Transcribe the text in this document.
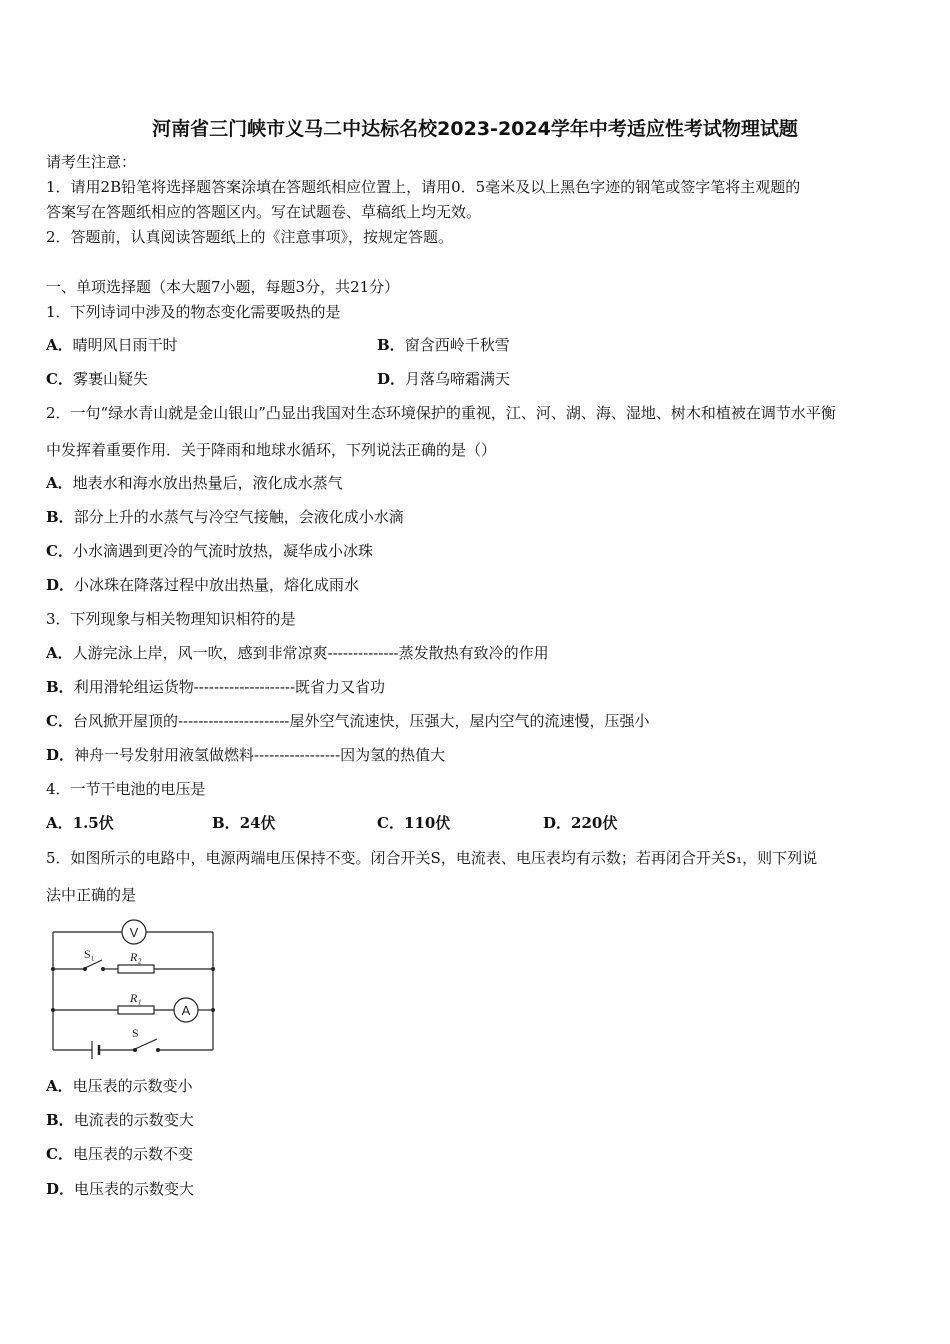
河南省三门峡市义马二中达标名校2023-2024学年中考适应性考试物理试题
请考生注意：
1．请用2B铅笔将选择题答案涂填在答题纸相应位置上，请用0．5毫米及以上黑色字迹的钢笔或签字笔将主观题的
答案写在答题纸相应的答题区内。写在试题卷、草稿纸上均无效。
2．答题前，认真阅读答题纸上的《注意事项》，按规定答题。
一、单项选择题（本大题7小题，每题3分，共21分）
1．下列诗词中涉及的物态变化需要吸热的是
A．晴明风日雨干时	B．窗含西岭千秋雪
C．雾裹山疑失	D．月落乌啼霜满天
2．一句“绿水青山就是金山银山”凸显出我国对生态环境保护的重视，江、河、湖、海、湿地、树木和植被在调节水平衡
中发挥着重要作用．关于降雨和地球水循环，下列说法正确的是（）
A．地表水和海水放出热量后，液化成水蒸气
B．部分上升的水蒸气与冷空气接触，会液化成小水滴
C．小水滴遇到更冷的气流时放热，凝华成小冰珠
D．小冰珠在降落过程中放出热量，熔化成雨水
3．下列现象与相关物理知识相符的是
A．人游完泳上岸，风一吹，感到非常凉爽--------------蒸发散热有致冷的作用
B．利用滑轮组运货物--------------------既省力又省功
C．台风掀开屋顶的----------------------屋外空气流速快，压强大，屋内空气的流速慢，压强小
D．神舟一号发射用液氢做燃料-----------------因为氢的热值大
4．一节干电池的电压是
A．1.5伏	B．24伏	C．110伏	D．220伏
5．如图所示的电路中，电源两端电压保持不变。闭合开关S，电流表、电压表均有示数；若再闭合开关S₁，则下列说
法中正确的是
V
A
S₁	R₂
R₁
S
A．电压表的示数变小
B．电流表的示数变大
C．电压表的示数不变
D．电压表的示数变大
